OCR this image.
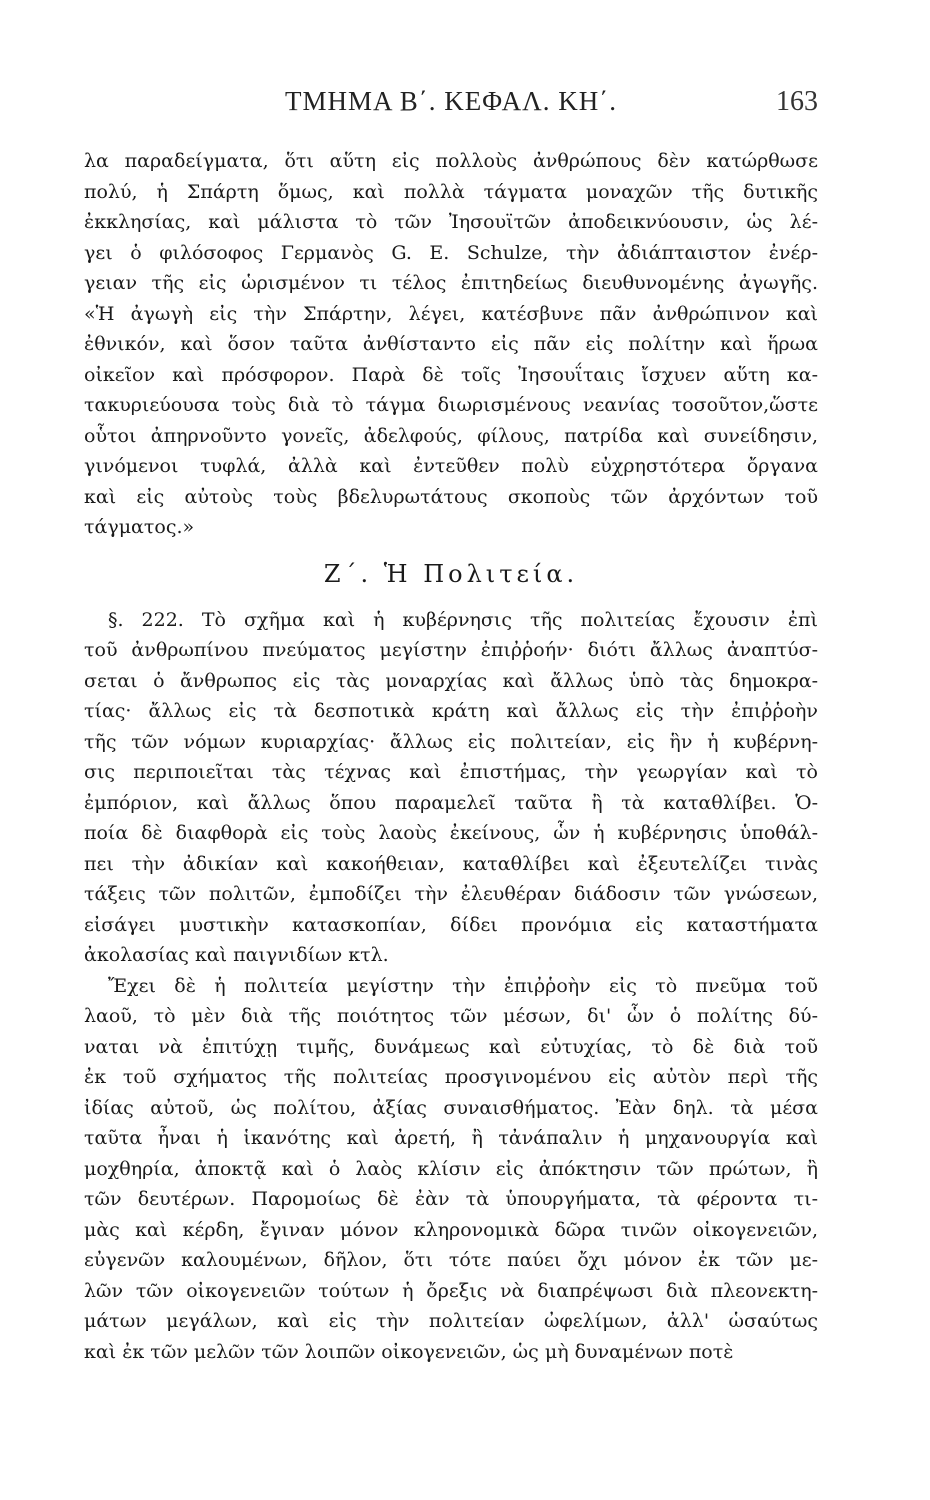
ΤΜΗΜΑ Β΄. ΚΕΦΑΛ. ΚΗ΄.	163
λα παραδείγματα, ὅτι αὕτη εἰς πολλοὺς ἀνθρώπους δὲν κατώρθωσε
πολύ, ἡ Σπάρτη ὅμως, καὶ πολλὰ τάγματα μοναχῶν τῆς δυτικῆς
ἐκκλησίας, καὶ μάλιστα τὸ τῶν Ἰησουϊτῶν ἀποδεικνύουσιν, ὡς λέ-
γει ὁ φιλόσοφος Γερμανὸς G. E. Schulze, τὴν ἀδιάπταιστον ἐνέρ-
γειαν τῆς εἰς ὡρισμένον τι τέλος ἐπιτηδείως διευθυνομένης ἀγωγῆς.
«Ἡ ἀγωγὴ εἰς τὴν Σπάρτην, λέγει, κατέσβυνε πᾶν ἀνθρώπινον καὶ
ἐθνικόν, καὶ ὅσον ταῦτα ἀνθίσταντο εἰς πᾶν εἰς πολίτην καὶ ἥρωα
οἰκεῖον καὶ πρόσφορον. Παρὰ δὲ τοῖς Ἰησουΐταις ἴσχυεν αὕτη κα-
τακυριεύουσα τοὺς διὰ τὸ τάγμα διωρισμένους νεανίας τοσοῦτον,ὥστε
οὗτοι ἀπηρνοῦντο γονεῖς, ἀδελφούς, φίλους, πατρίδα καὶ συνείδησιν,
γινόμενοι τυφλά, ἀλλὰ καὶ ἐντεῦθεν πολὺ εὐχρηστότερα ὄργανα
καὶ εἰς αὐτοὺς τοὺς βδελυρωτάτους σκοποὺς τῶν ἀρχόντων τοῦ
τάγματος.»
Ζ΄. Ἡ Πολιτεία.
§. 222. Τὸ σχῆμα καὶ ἡ κυβέρνησις τῆς πολιτείας ἔχουσιν ἐπὶ
τοῦ ἀνθρωπίνου πνεύματος μεγίστην ἐπιῤῥοήν· διότι ἄλλως ἀναπτύσ-
σεται ὁ ἄνθρωπος εἰς τὰς μοναρχίας καὶ ἄλλως ὑπὸ τὰς δημοκρα-
τίας· ἄλλως εἰς τὰ δεσποτικὰ κράτη καὶ ἄλλως εἰς τὴν ἐπιῤῥοὴν
τῆς τῶν νόμων κυριαρχίας· ἄλλως εἰς πολιτείαν, εἰς ἣν ἡ κυβέρνη-
σις περιποιεῖται τὰς τέχνας καὶ ἐπιστήμας, τὴν γεωργίαν καὶ τὸ
ἐμπόριον, καὶ ἄλλως ὅπου παραμελεῖ ταῦτα ἢ τὰ καταθλίβει. Ὁ-
ποία δὲ διαφθορὰ εἰς τοὺς λαοὺς ἐκείνους, ὧν ἡ κυβέρνησις ὑποθάλ-
πει τὴν ἀδικίαν καὶ κακοήθειαν, καταθλίβει καὶ ἐξευτελίζει τινὰς
τάξεις τῶν πολιτῶν, ἐμποδίζει τὴν ἐλευθέραν διάδοσιν τῶν γνώσεων,
εἰσάγει μυστικὴν κατασκοπίαν, δίδει προνόμια εἰς καταστήματα
ἀκολασίας καὶ παιγνιδίων κτλ.
Ἔχει δὲ ἡ πολιτεία μεγίστην τὴν ἐπιῤῥοὴν εἰς τὸ πνεῦμα τοῦ
λαοῦ, τὸ μὲν διὰ τῆς ποιότητος τῶν μέσων, δι' ὧν ὁ πολίτης δύ-
ναται νὰ ἐπιτύχῃ τιμῆς, δυνάμεως καὶ εὐτυχίας, τὸ δὲ διὰ τοῦ
ἐκ τοῦ σχήματος τῆς πολιτείας προσγινομένου εἰς αὐτὸν περὶ τῆς
ἰδίας αὐτοῦ, ὡς πολίτου, ἀξίας συναισθήματος. Ἐὰν δηλ. τὰ μέσα
ταῦτα ἦναι ἡ ἱκανότης καὶ ἀρετή, ἢ τἀνάπαλιν ἡ μηχανουργία καὶ
μοχθηρία, ἀποκτᾷ καὶ ὁ λαὸς κλίσιν εἰς ἀπόκτησιν τῶν πρώτων, ἢ
τῶν δευτέρων. Παρομοίως δὲ ἐὰν τὰ ὑπουργήματα, τὰ φέροντα τι-
μὰς καὶ κέρδη, ἔγιναν μόνον κληρονομικὰ δῶρα τινῶν οἰκογενειῶν,
εὐγενῶν καλουμένων, δῆλον, ὅτι τότε παύει ὄχι μόνον ἐκ τῶν με-
λῶν τῶν οἰκογενειῶν τούτων ἡ ὄρεξις νὰ διαπρέψωσι διὰ πλεονεκτη-
μάτων μεγάλων, καὶ εἰς τὴν πολιτείαν ὠφελίμων, ἀλλ' ὡσαύτως
καὶ ἐκ τῶν μελῶν τῶν λοιπῶν οἰκογενειῶν, ὡς μὴ δυναμένων ποτὲ
